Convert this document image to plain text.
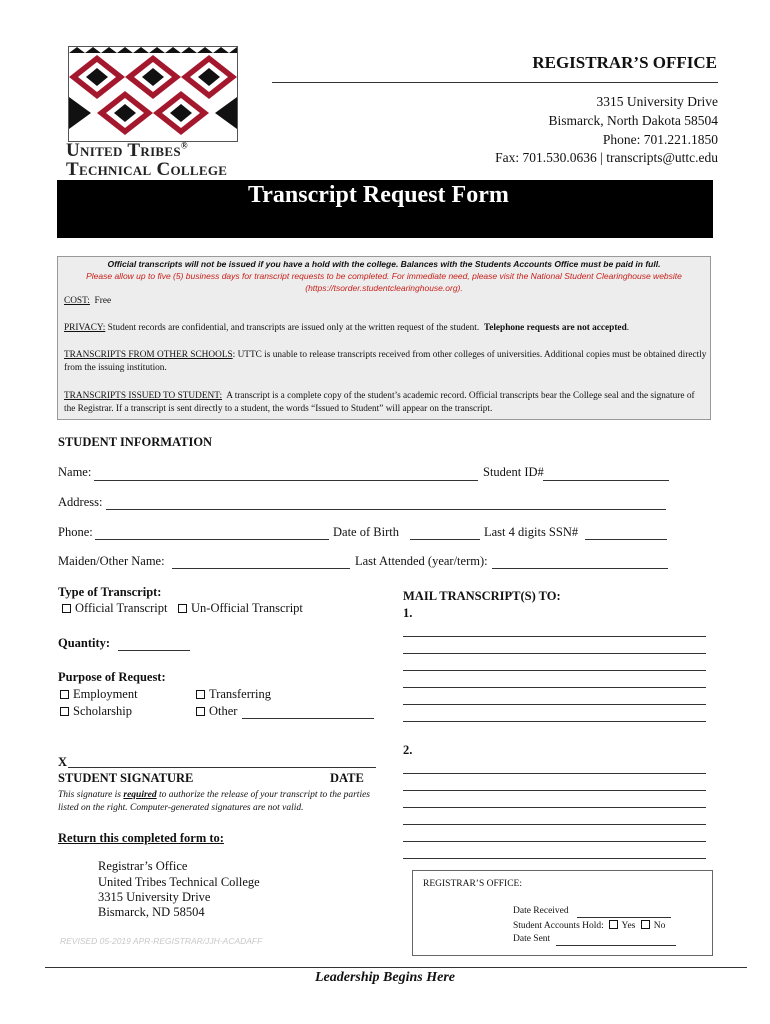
United Tribes®
Technical College
REGISTRAR’S OFFICE
3315 University Drive
Bismarck, North Dakota 58504
Phone: 701.221.1850
Fax: 701.530.0636 | transcripts@uttc.edu
Transcript Request Form
Official transcripts will not be issued if you have a hold with the college. Balances with the Students Accounts Office must be paid in full.
Please allow up to five (5) business days for transcript requests to be completed. For immediate need, please visit the National Student Clearinghouse website
(https://tsorder.studentclearinghouse.org).
COST: Free
PRIVACY: Student records are confidential, and transcripts are issued only at the written request of the student. Telephone requests are not accepted.
TRANSCRIPTS FROM OTHER SCHOOLS: UTTC is unable to release transcripts received from other colleges of universities. Additional copies must be obtained directly from the issuing institution.
TRANSCRIPTS ISSUED TO STUDENT: A transcript is a complete copy of the student’s academic record. Official transcripts bear the College seal and the signature of the Registrar. If a transcript is sent directly to a student, the words “Issued to Student” will appear on the transcript.
STUDENT INFORMATION
Name:	Student ID#
Address:
Phone:	Date of Birth	Last 4 digits SSN#
Maiden/Other Name:	Last Attended (year/term):
Type of Transcript:
Official Transcript	Un-Official Transcript
Quantity:
Purpose of Request:
Employment	Transferring
Scholarship	Other
X
STUDENT SIGNATURE	DATE
This signature is required to authorize the release of your transcript to the parties listed on the right. Computer-generated signatures are not valid.
MAIL TRANSCRIPT(S) TO:
1.
2.
Return this completed form to:
Registrar’s Office
United Tribes Technical College
3315 University Drive
Bismarck, ND 58504
REGISTRAR’S OFFICE:
Date Received
Student Accounts Hold: Yes No
Date Sent
REVISED 05-2019 APR-REGISTRAR/JJH-ACADAFF
Leadership Begins Here
